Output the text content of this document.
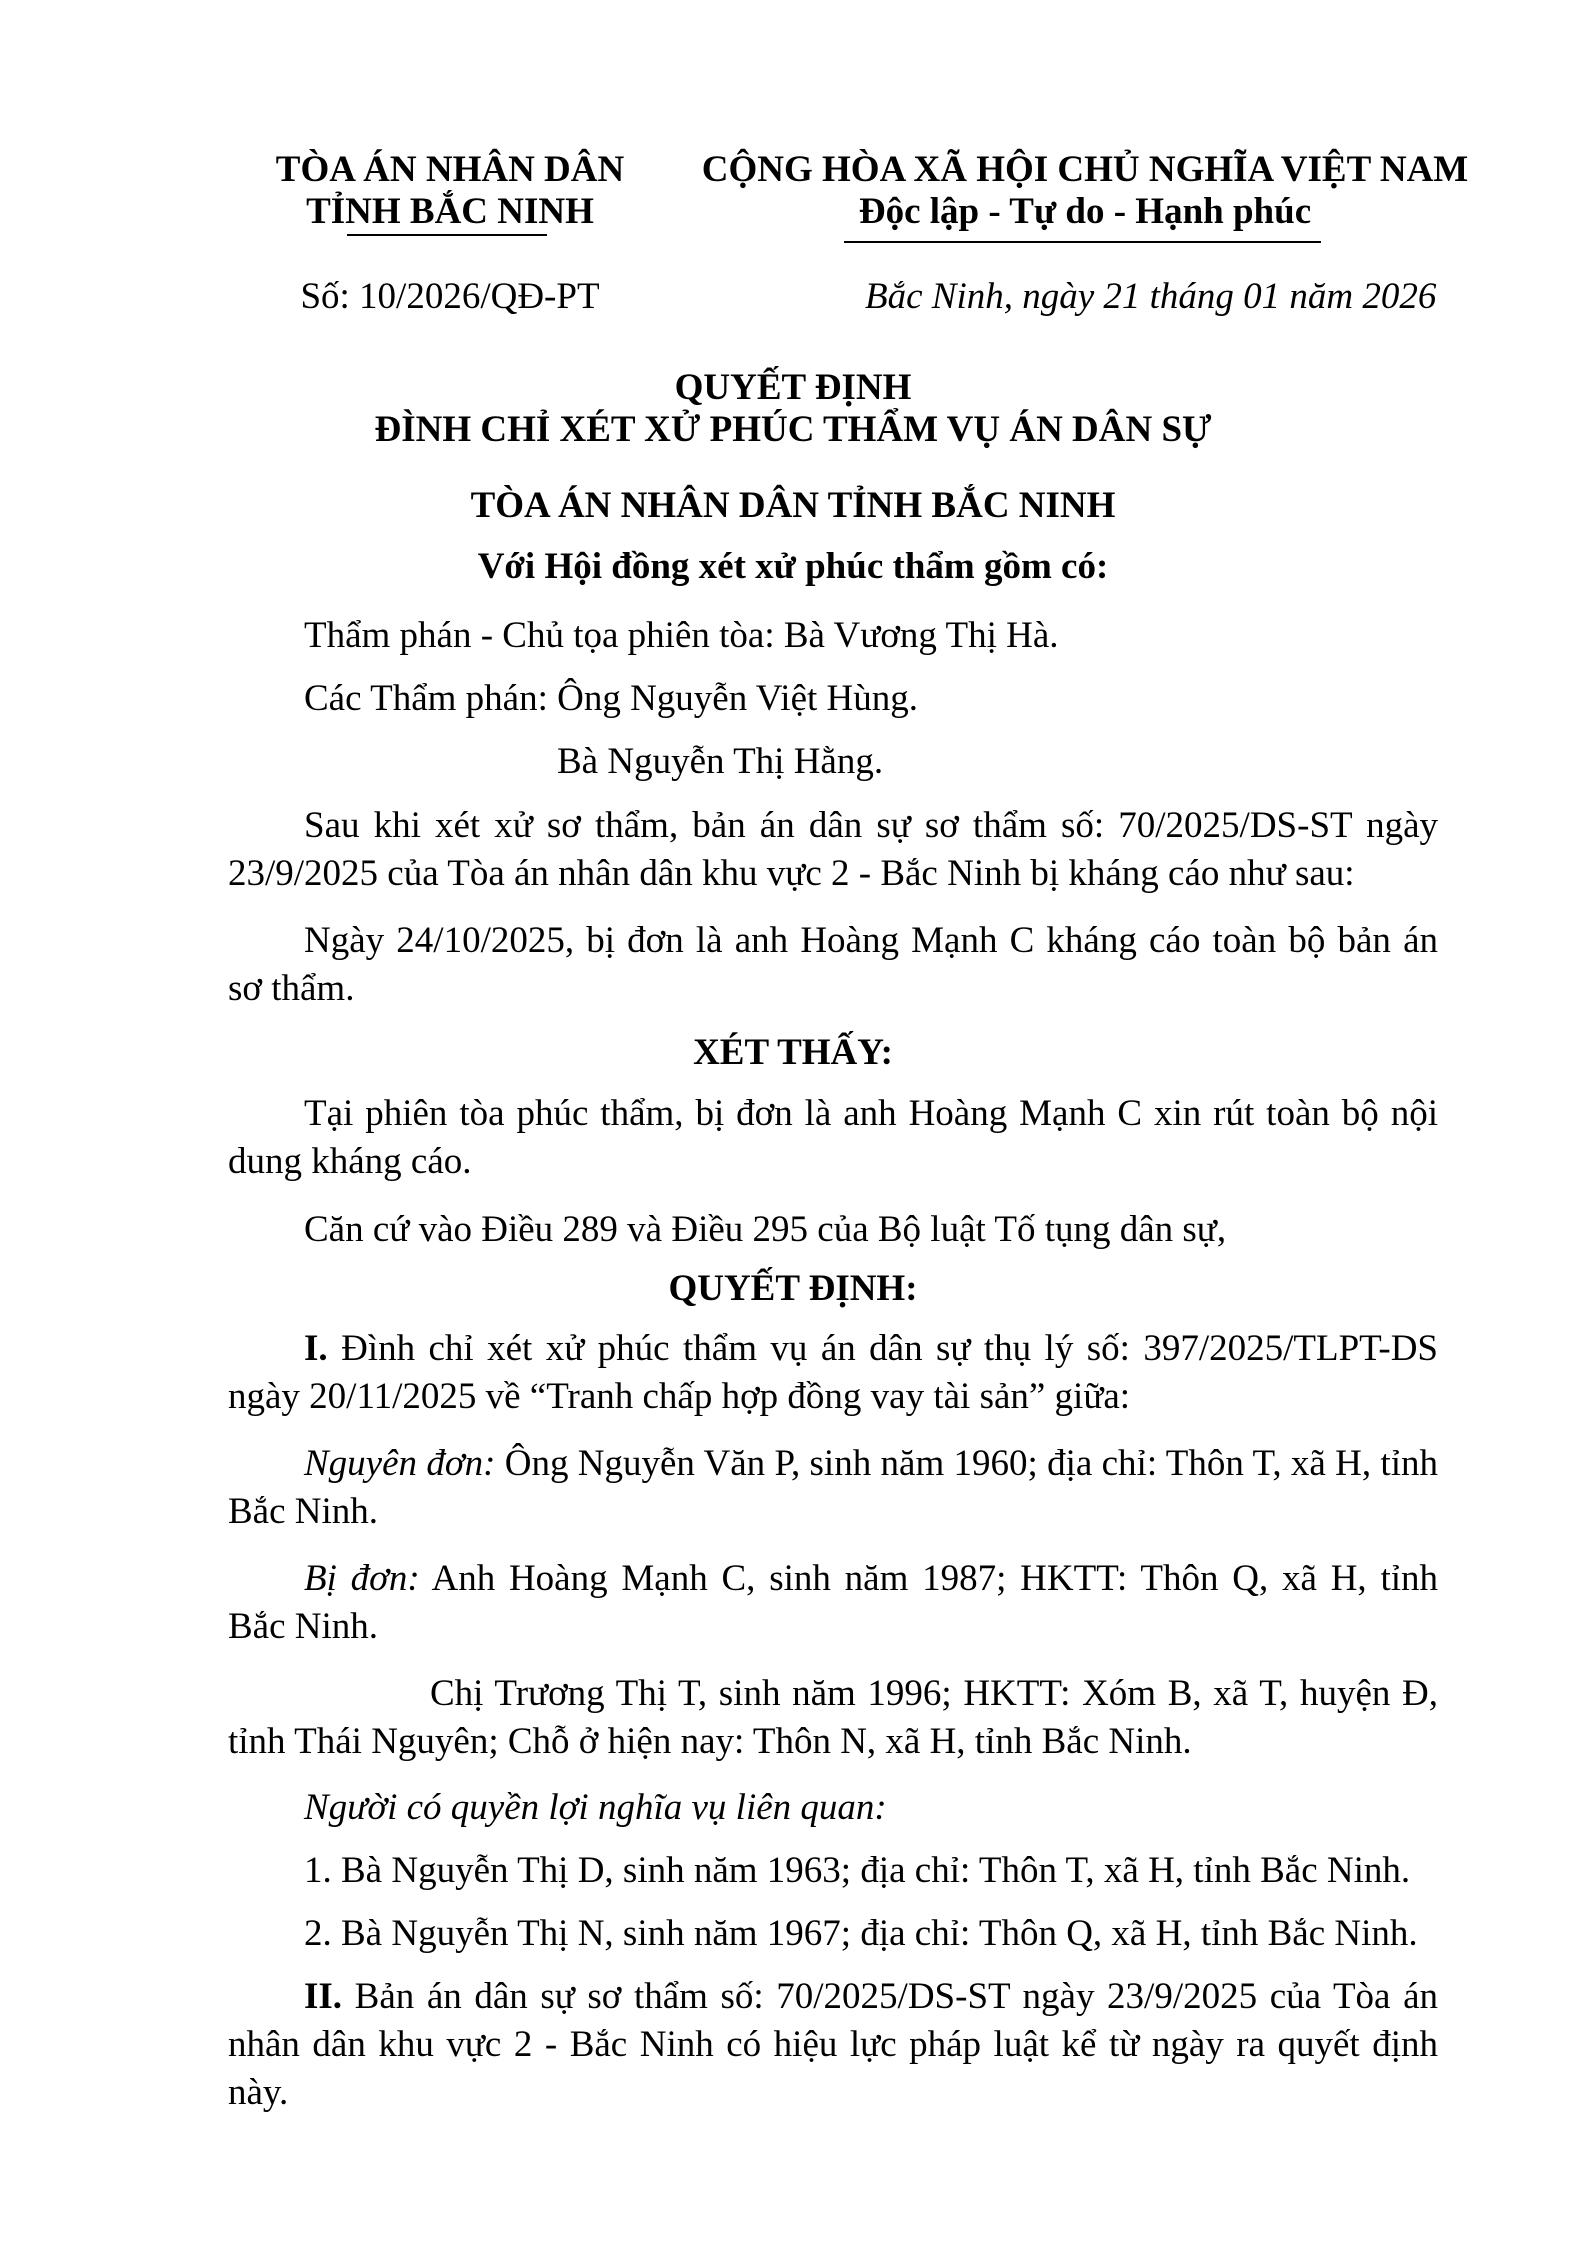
TÒA ÁN NHÂN DÂN
TỈNH BẮC NINH
CỘNG HÒA XÃ HỘI CHỦ NGHĨA VIỆT NAM
Độc lập - Tự do - Hạnh phúc
Số: 10/2026/QĐ-PT	Bắc Ninh, ngày 21 tháng 01 năm 2026
QUYẾT ĐỊNH
ĐÌNH CHỈ XÉT XỬ PHÚC THẨM VỤ ÁN DÂN SỰ
TÒA ÁN NHÂN DÂN TỈNH BẮC NINH
Với Hội đồng xét xử phúc thẩm gồm có:
Thẩm phán - Chủ tọa phiên tòa: Bà Vương Thị Hà.
Các Thẩm phán: Ông Nguyễn Việt Hùng.
Bà Nguyễn Thị Hằng.
Sau khi xét xử sơ thẩm, bản án dân sự sơ thẩm số: 70/2025/DS-ST ngày 23/9/2025 của Tòa án nhân dân khu vực 2 - Bắc Ninh bị kháng cáo như sau:
Ngày 24/10/2025, bị đơn là anh Hoàng Mạnh C kháng cáo toàn bộ bản án sơ thẩm.
XÉT THẤY:
Tại phiên tòa phúc thẩm, bị đơn là anh Hoàng Mạnh C xin rút toàn bộ nội dung kháng cáo.
Căn cứ vào Điều 289 và Điều 295 của Bộ luật Tố tụng dân sự,
QUYẾT ĐỊNH:
I. Đình chỉ xét xử phúc thẩm vụ án dân sự thụ lý số: 397/2025/TLPT-DS ngày 20/11/2025 về “Tranh chấp hợp đồng vay tài sản” giữa:
Nguyên đơn: Ông Nguyễn Văn P, sinh năm 1960; địa chỉ: Thôn T, xã H, tỉnh Bắc Ninh.
Bị đơn: Anh Hoàng Mạnh C, sinh năm 1987; HKTT: Thôn Q, xã H, tỉnh Bắc Ninh.
Chị Trương Thị T, sinh năm 1996; HKTT: Xóm B, xã T, huyện Đ, tỉnh Thái Nguyên; Chỗ ở hiện nay: Thôn N, xã H, tỉnh Bắc Ninh.
Người có quyền lợi nghĩa vụ liên quan:
1. Bà Nguyễn Thị D, sinh năm 1963; địa chỉ: Thôn T, xã H, tỉnh Bắc Ninh.
2. Bà Nguyễn Thị N, sinh năm 1967; địa chỉ: Thôn Q, xã H, tỉnh Bắc Ninh.
II. Bản án dân sự sơ thẩm số: 70/2025/DS-ST ngày 23/9/2025 của Tòa án nhân dân khu vực 2 - Bắc Ninh có hiệu lực pháp luật kể từ ngày ra quyết định này.
